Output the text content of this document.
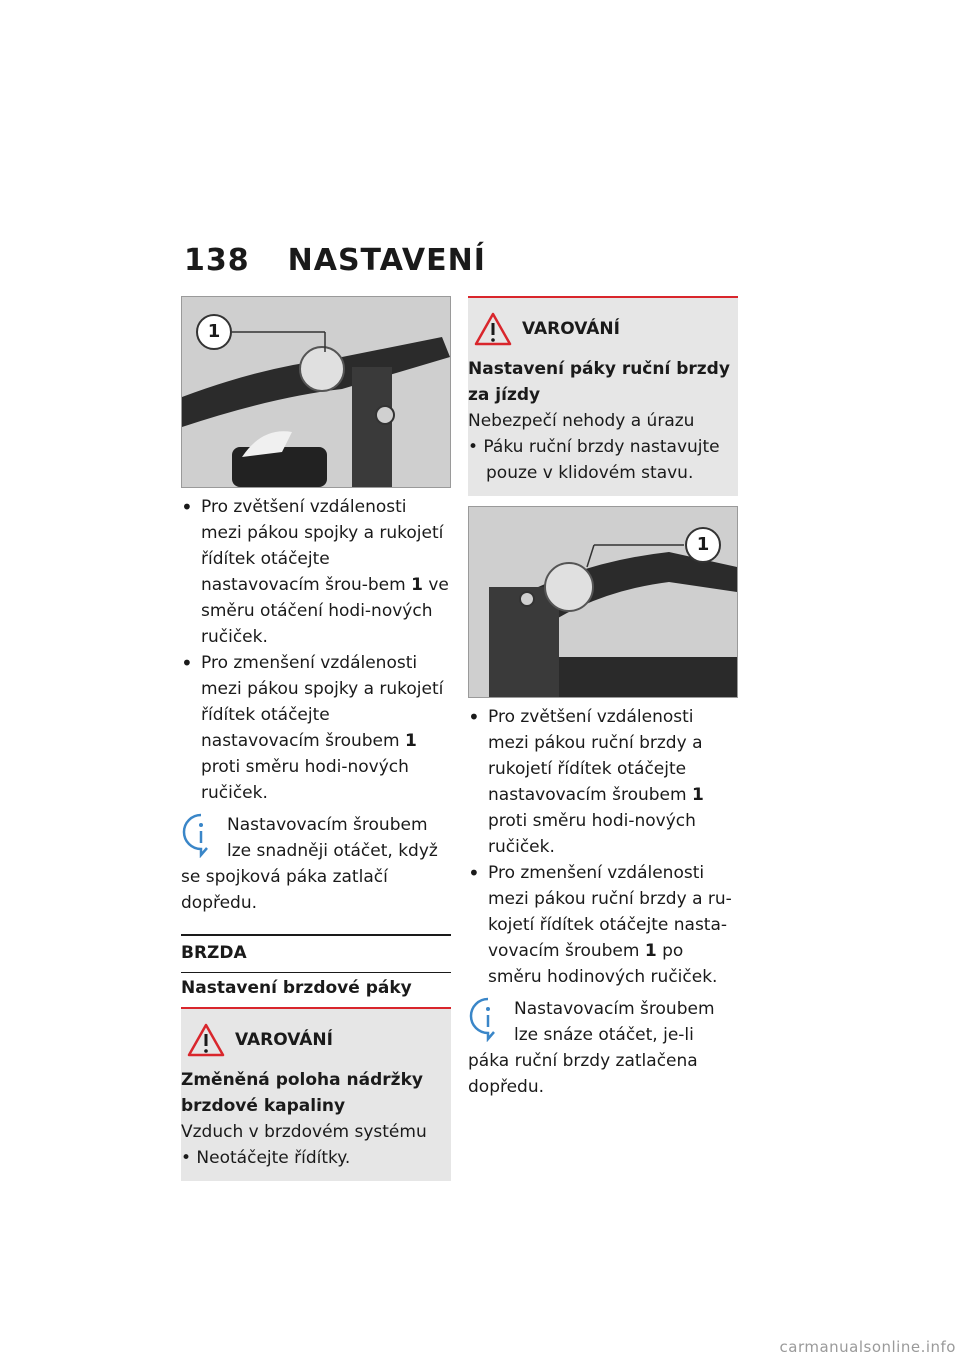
138 NASTAVENÍ
1
• Pro zvětšení vzdálenosti mezi pákou spojky a rukojetí řídítek otáčejte nastavovacím šrou-bem 1 ve směru otáčení hodi-nových ručiček.
• Pro zmenšení vzdálenosti mezi pákou spojky a rukojetí řídítek otáčejte nastavovacím šroubem 1 proti směru hodi-nových ručiček.
Nastavovacím šroubem lze snadněji otáčet, když se spojková páka zatlačí dopředu.
BRZDA
Nastavení brzdové páky
VAROVÁNÍ
Změněná poloha nádržky brzdové kapaliny
Vzduch v brzdovém systému
• Neotáčejte řídítky.
VAROVÁNÍ
Nastavení páky ruční brzdy za jízdy
Nebezpečí nehody a úrazu
• Páku ruční brzdy nastavujte
pouze v klidovém stavu.
1
• Pro zvětšení vzdálenosti mezi pákou ruční brzdy a rukojetí řídítek otáčejte nastavovacím šroubem 1 proti směru hodi-nových ručiček.
• Pro zmenšení vzdálenosti mezi pákou ruční brzdy a ru-kojetí řídítek otáčejte nasta-vovacím šroubem 1 po směru hodinových ručiček.
Nastavovacím šroubem lze snáze otáčet, je-li páka ruční brzdy zatlačena dopředu.
carmanualsonline.info
